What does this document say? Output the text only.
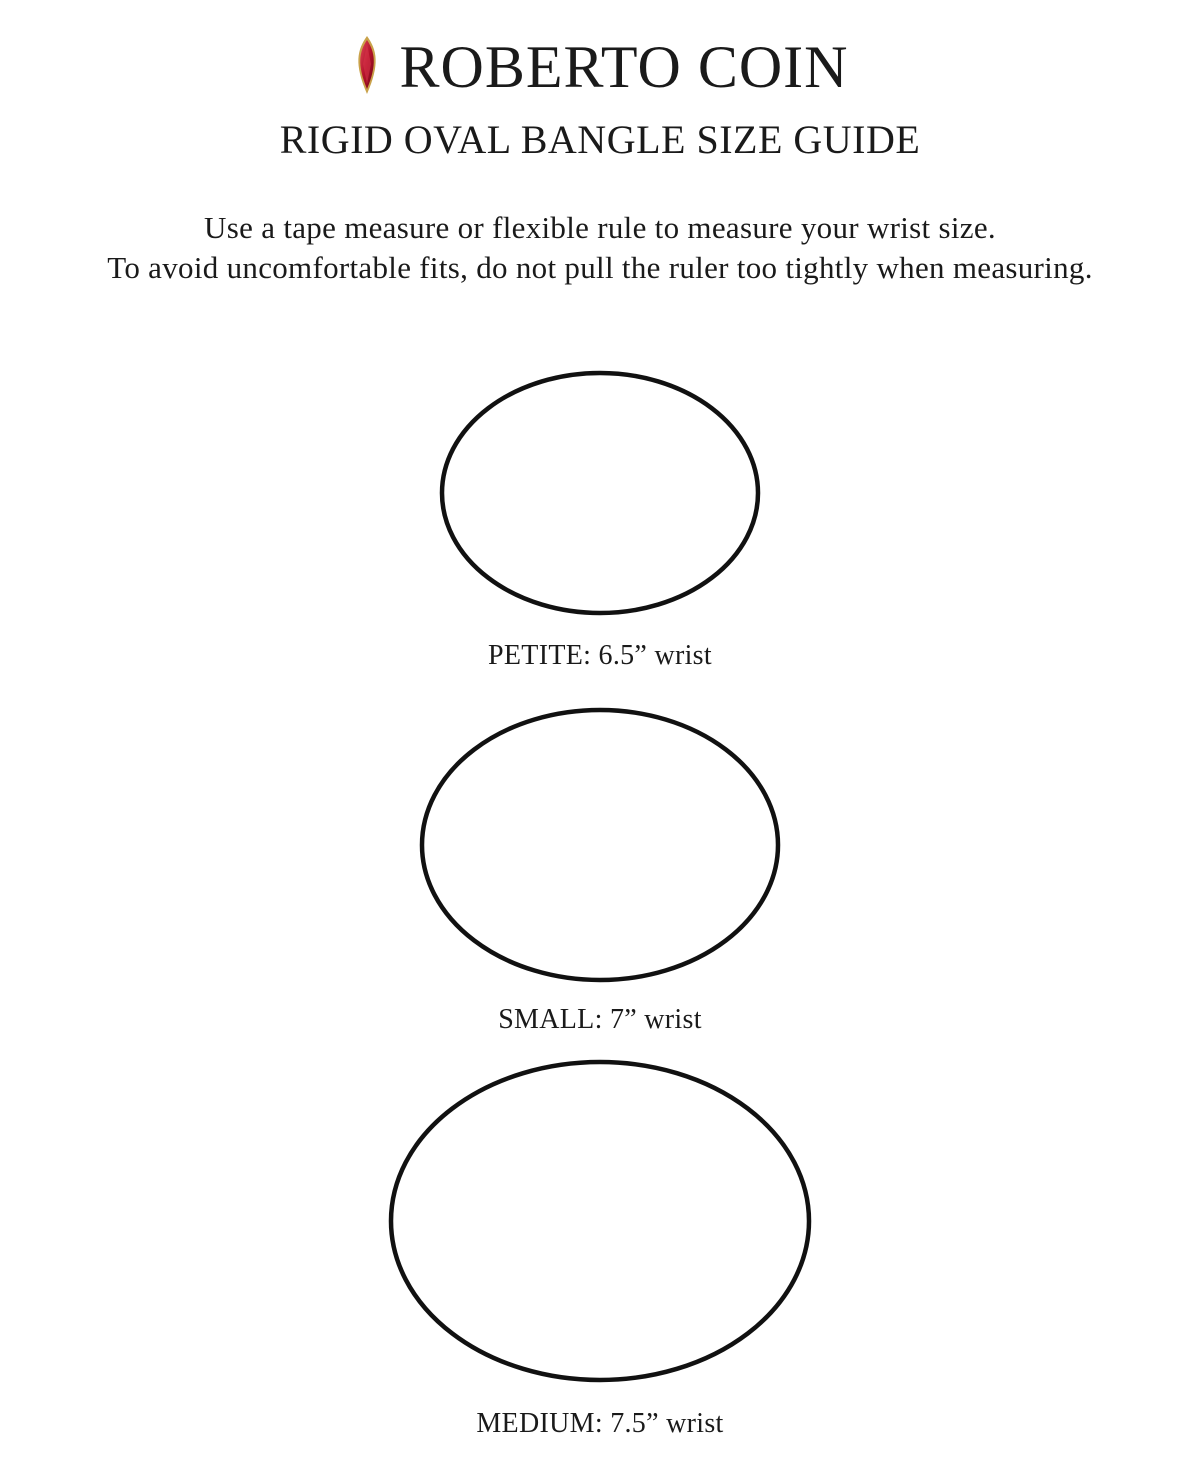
ROBERTO COIN
RIGID OVAL BANGLE SIZE GUIDE
Use a tape measure or flexible rule to measure your wrist size.
To avoid uncomfortable fits, do not pull the ruler too tightly when measuring.
PETITE: 6.5” wrist
SMALL: 7” wrist
MEDIUM: 7.5” wrist
